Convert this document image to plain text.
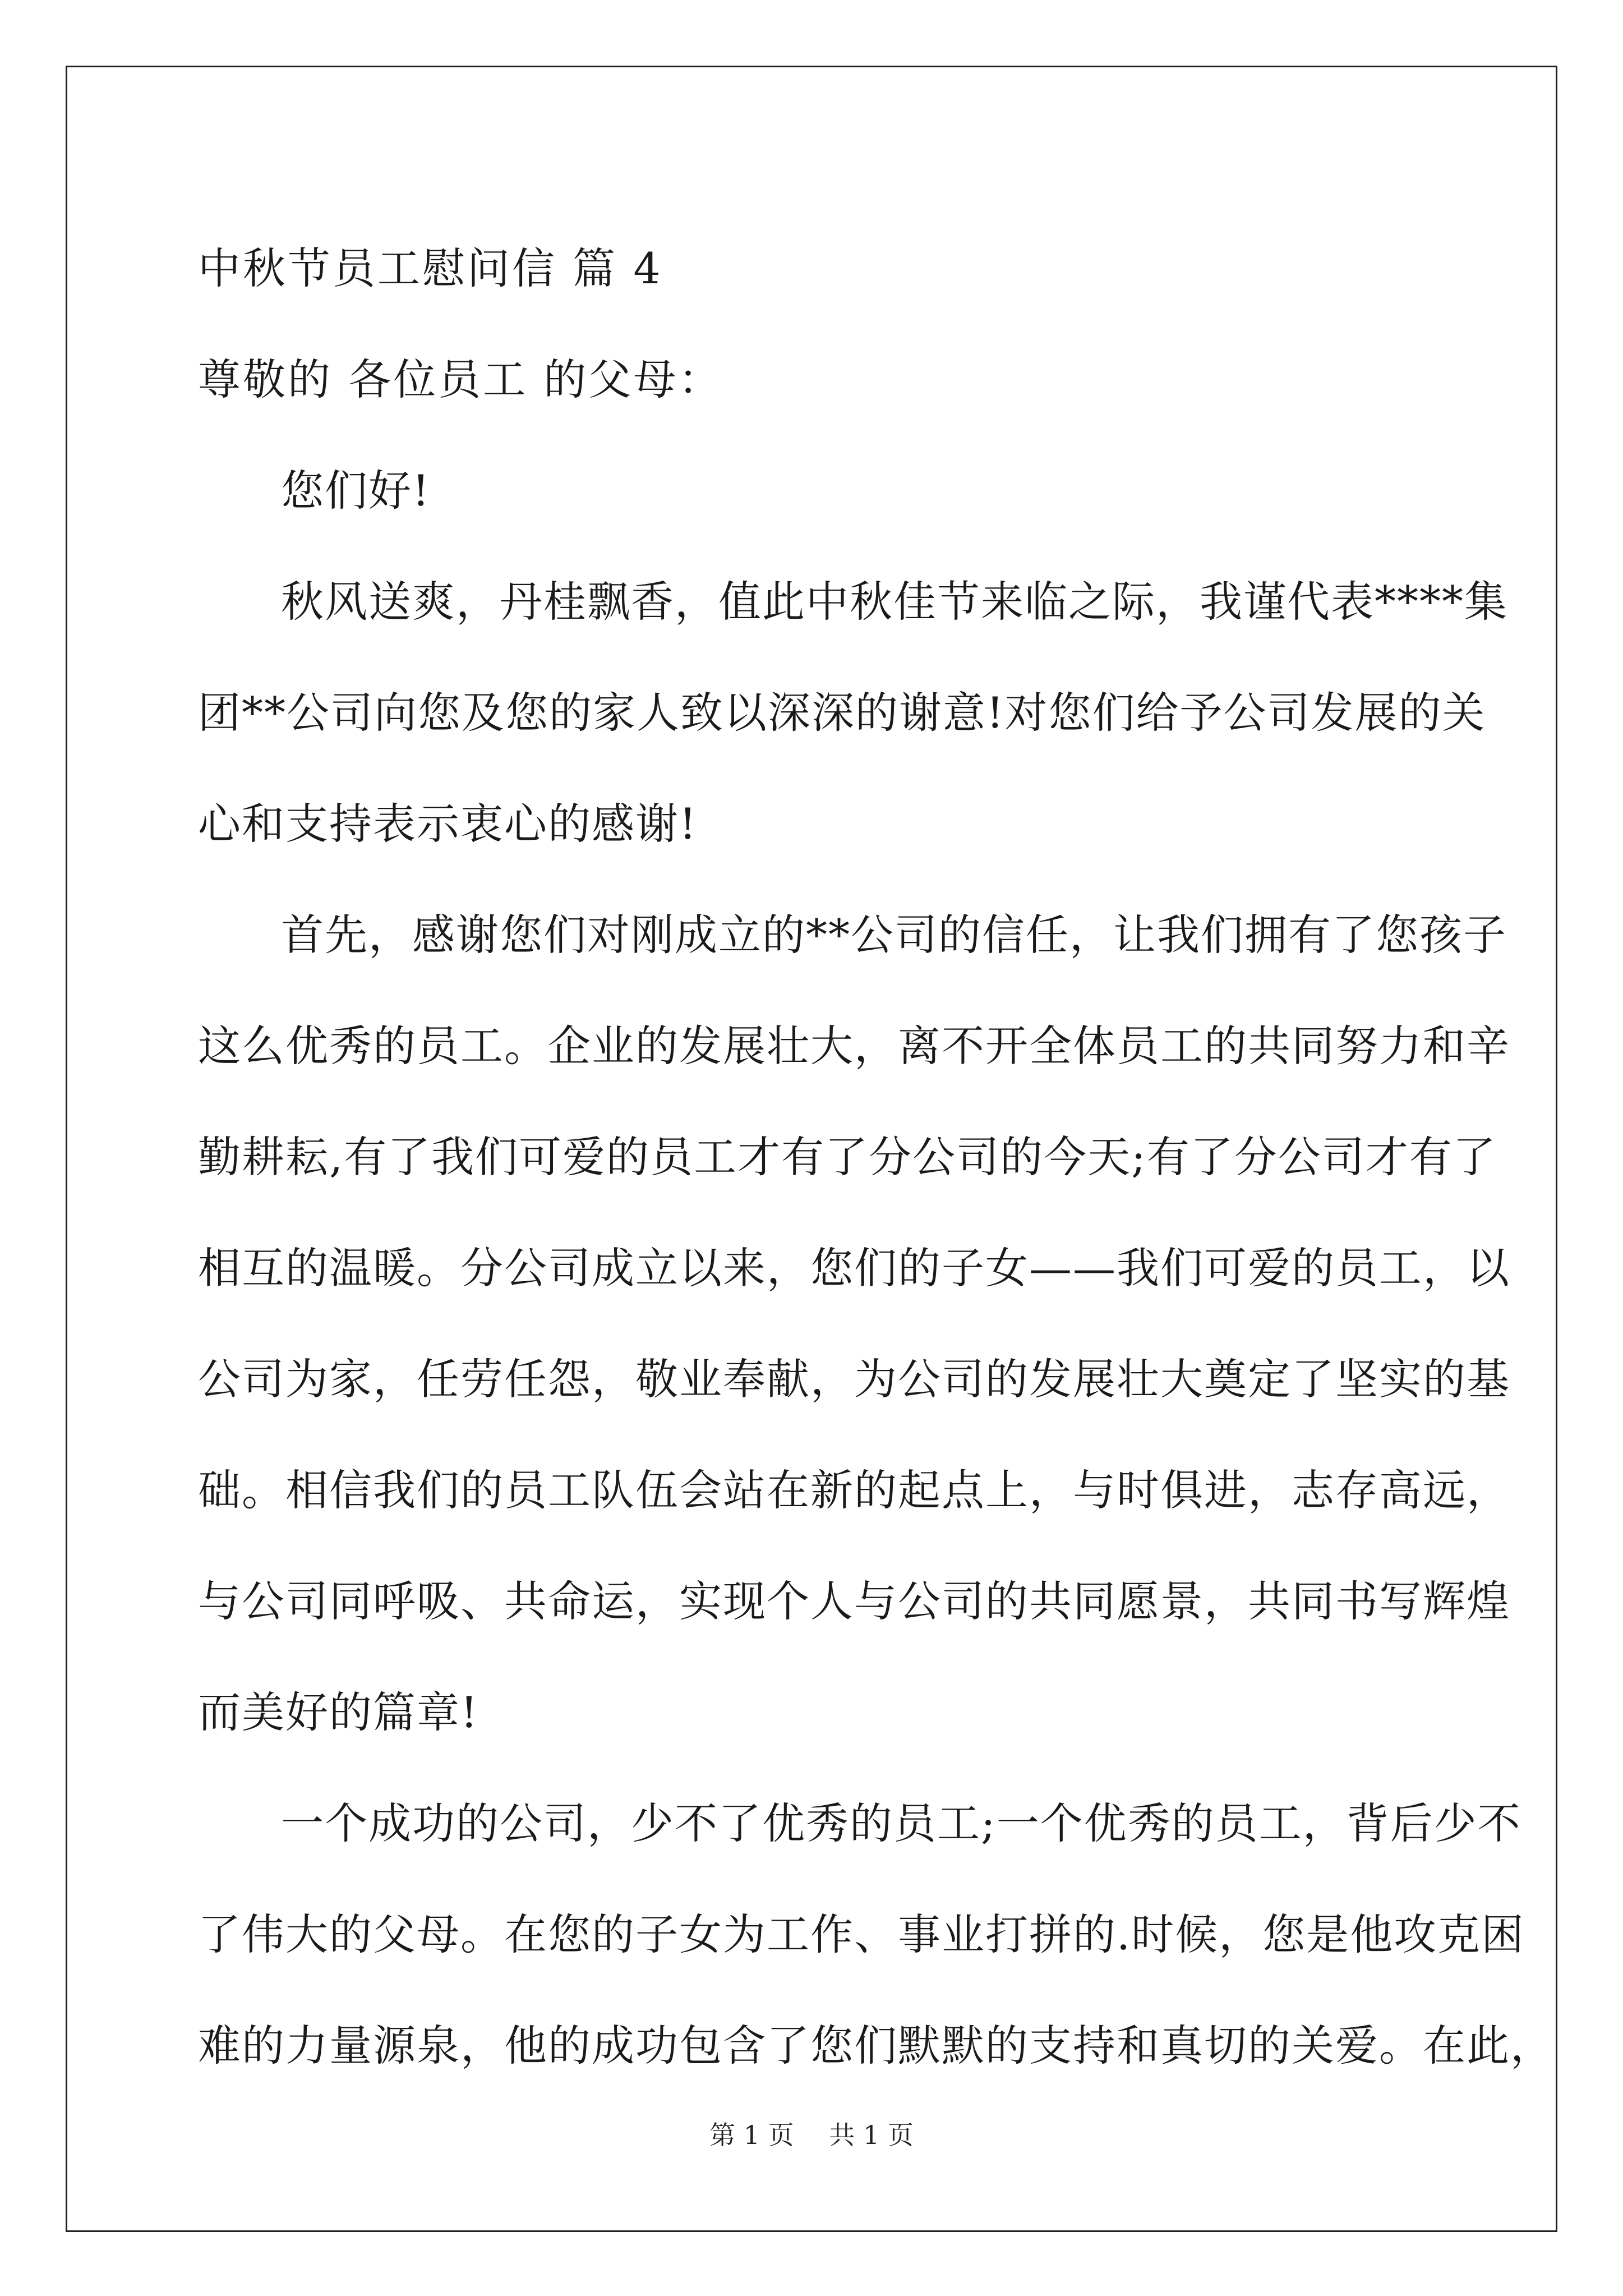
中秋节员工慰问信 篇 4
尊敬的 各位员工 的父母：
您们好!
秋风送爽，丹桂飘香，值此中秋佳节来临之际，我谨代表****集
团**公司向您及您的家人致以深深的谢意!对您们给予公司发展的关
心和支持表示衷心的感谢!
首先，感谢您们对刚成立的**公司的信任，让我们拥有了您孩子
这么优秀的员工。企业的发展壮大，离不开全体员工的共同努力和辛
勤耕耘,有了我们可爱的员工才有了分公司的今天;有了分公司才有了
相互的温暖。分公司成立以来，您们的子女——我们可爱的员工，以
公司为家，任劳任怨，敬业奉献，为公司的发展壮大奠定了坚实的基
础。相信我们的员工队伍会站在新的起点上，与时俱进，志存高远，
与公司同呼吸、共命运，实现个人与公司的共同愿景，共同书写辉煌
而美好的篇章!
一个成功的公司，少不了优秀的员工;一个优秀的员工，背后少不
了伟大的父母。在您的子女为工作、事业打拼的.时候，您是他攻克困
难的力量源泉，他的成功包含了您们默默的支持和真切的关爱。在此，
第 1 页 共 1 页
